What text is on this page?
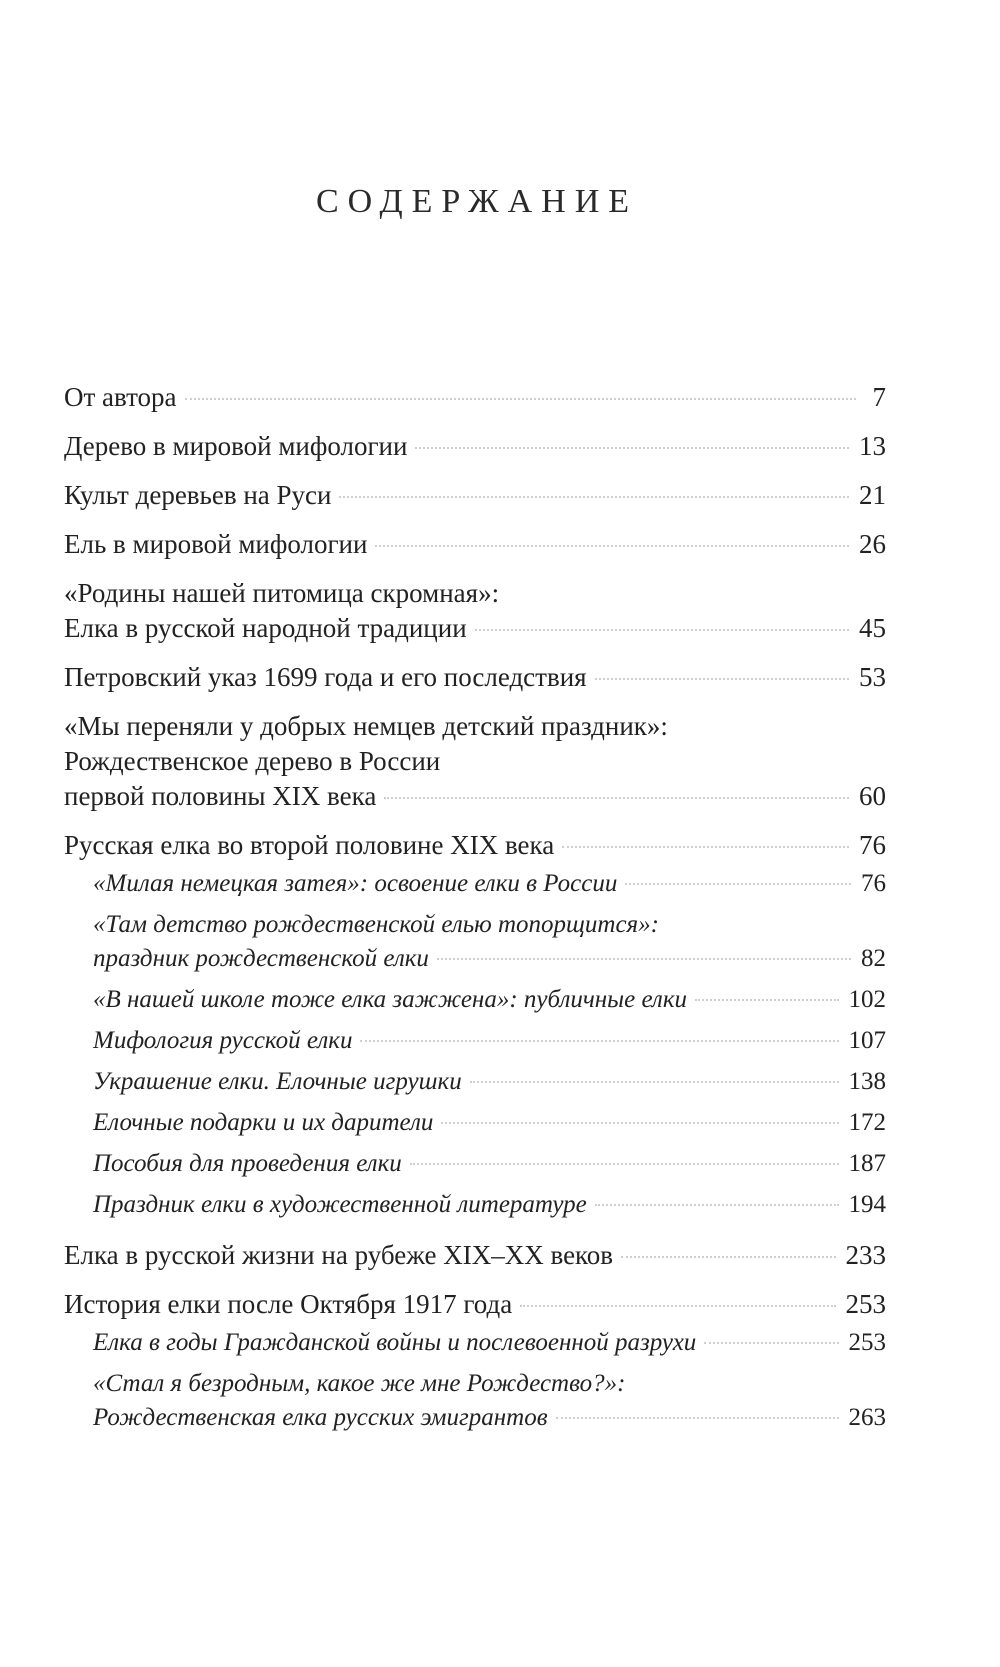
СОДЕРЖАНИЕ
От автора	7
Дерево в мировой мифологии	13
Культ деревьев на Руси	21
Ель в мировой мифологии	26
«Родины нашей питомица скромная»:
Елка в русской народной традиции	45
Петровский указ 1699 года и его последствия	53
«Мы переняли у добрых немцев детский праздник»:
Рождественское дерево в России
первой половины XIX века	60
Русская елка во второй половине XIX века	76
«Милая немецкая затея»: освоение елки в России	76
«Там детство рождественской елью топорщится»:
праздник рождественской елки	82
«В нашей школе тоже елка зажжена»: публичные елки	102
Мифология русской елки	107
Украшение елки. Елочные игрушки	138
Елочные подарки и их дарители	172
Пособия для проведения елки	187
Праздник елки в художественной литературе	194
Елка в русской жизни на рубеже XIX–XX веков	233
История елки после Октября 1917 года	253
Елка в годы Гражданской войны и послевоенной разрухи	253
«Стал я безродным, какое же мне Рождество?»:
Рождественская елка русских эмигрантов	263
